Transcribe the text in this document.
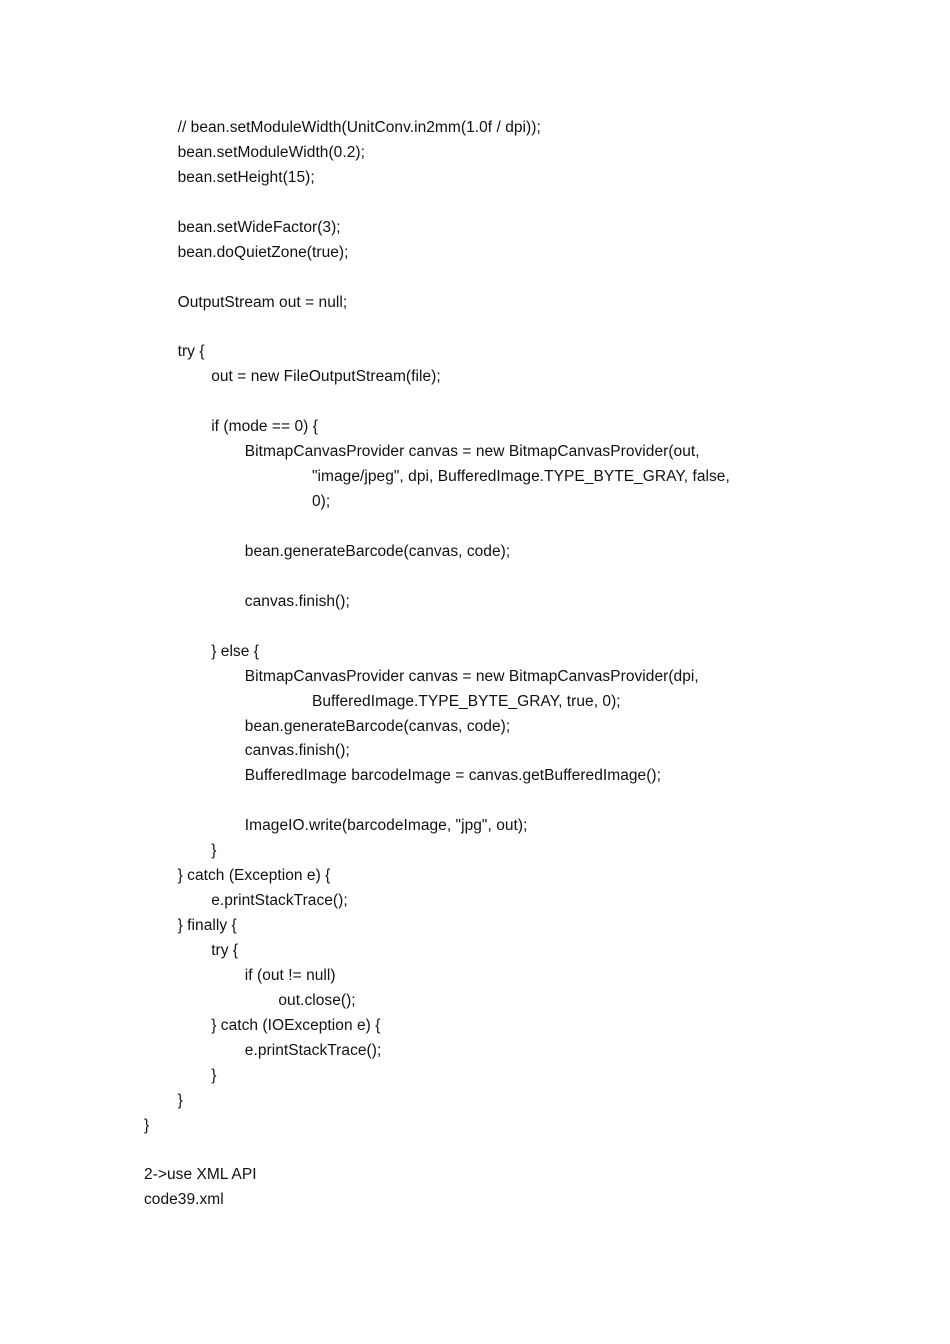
// bean.setModuleWidth(UnitConv.in2mm(1.0f / dpi));
bean.setModuleWidth(0.2);
bean.setHeight(15);
bean.setWideFactor(3);
bean.doQuietZone(true);
OutputStream out = null;
try {
out = new FileOutputStream(file);
if (mode == 0) {
BitmapCanvasProvider canvas = new BitmapCanvasProvider(out,
"image/jpeg", dpi, BufferedImage.TYPE_BYTE_GRAY, false,
0);
bean.generateBarcode(canvas, code);
canvas.finish();
} else {
BitmapCanvasProvider canvas = new BitmapCanvasProvider(dpi,
BufferedImage.TYPE_BYTE_GRAY, true, 0);
bean.generateBarcode(canvas, code);
canvas.finish();
BufferedImage barcodeImage = canvas.getBufferedImage();
ImageIO.write(barcodeImage, "jpg", out);
}
} catch (Exception e) {
e.printStackTrace();
} finally {
try {
if (out != null)
out.close();
} catch (IOException e) {
e.printStackTrace();
}
}
}
2->use XML API
code39.xml
